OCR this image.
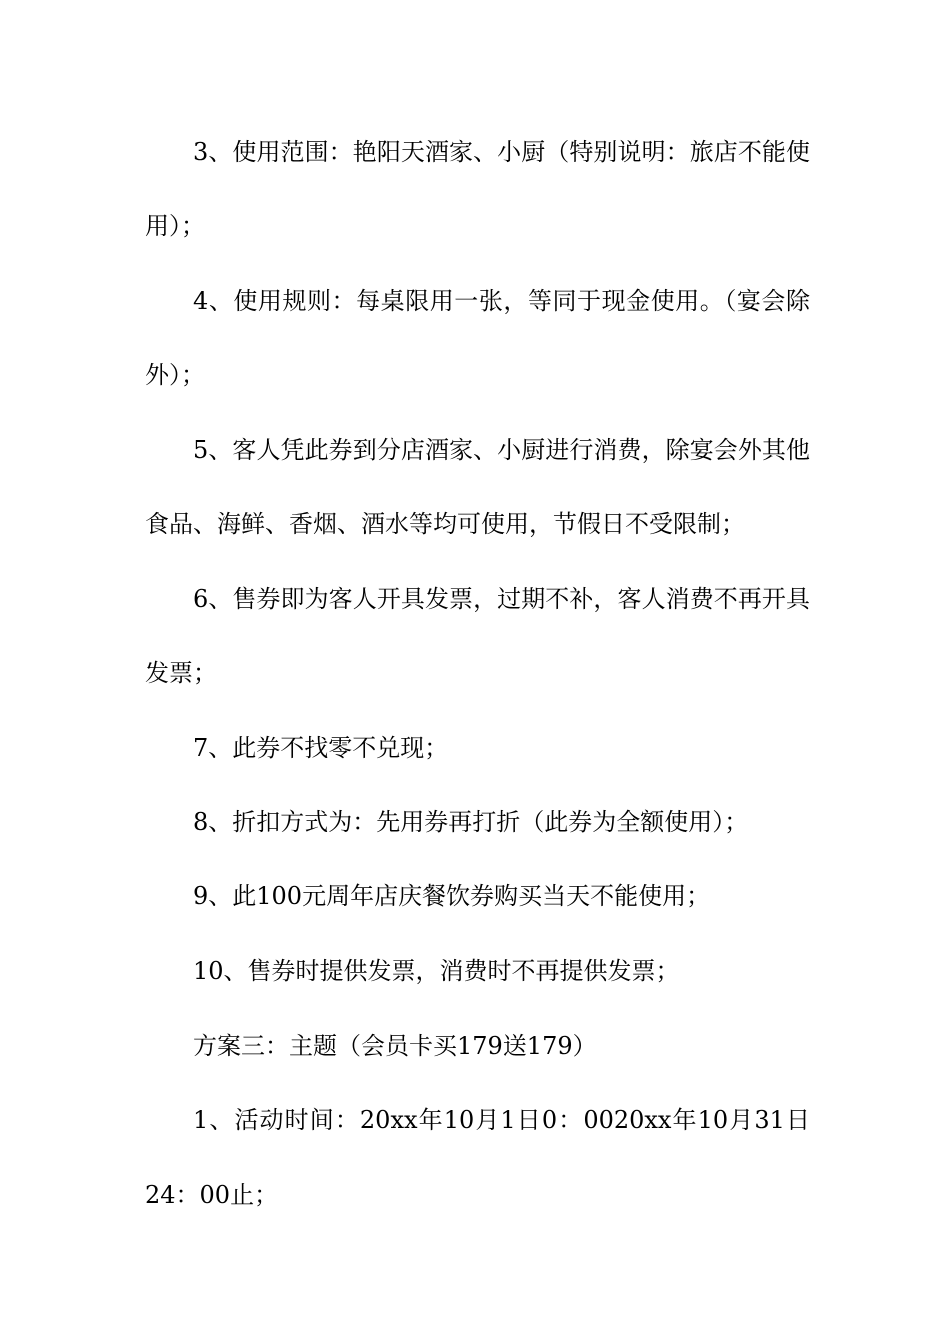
3、使用范围：艳阳天酒家、小厨（特别说明：旅店不能使
用）；
4、使用规则：每桌限用一张，等同于现金使用。（宴会除
外）；
5、客人凭此券到分店酒家、小厨进行消费，除宴会外其他
食品、海鲜、香烟、酒水等均可使用，节假日不受限制；
6、售券即为客人开具发票，过期不补，客人消费不再开具
发票；
7、此券不找零不兑现；
8、折扣方式为：先用券再打折（此券为全额使用）；
9、此100元周年店庆餐饮券购买当天不能使用；
10、售券时提供发票，消费时不再提供发票；
方案三：主题（会员卡买179送179）
1、活动时间：20xx年10月1日0：0020xx年10月31日
24：00止；
